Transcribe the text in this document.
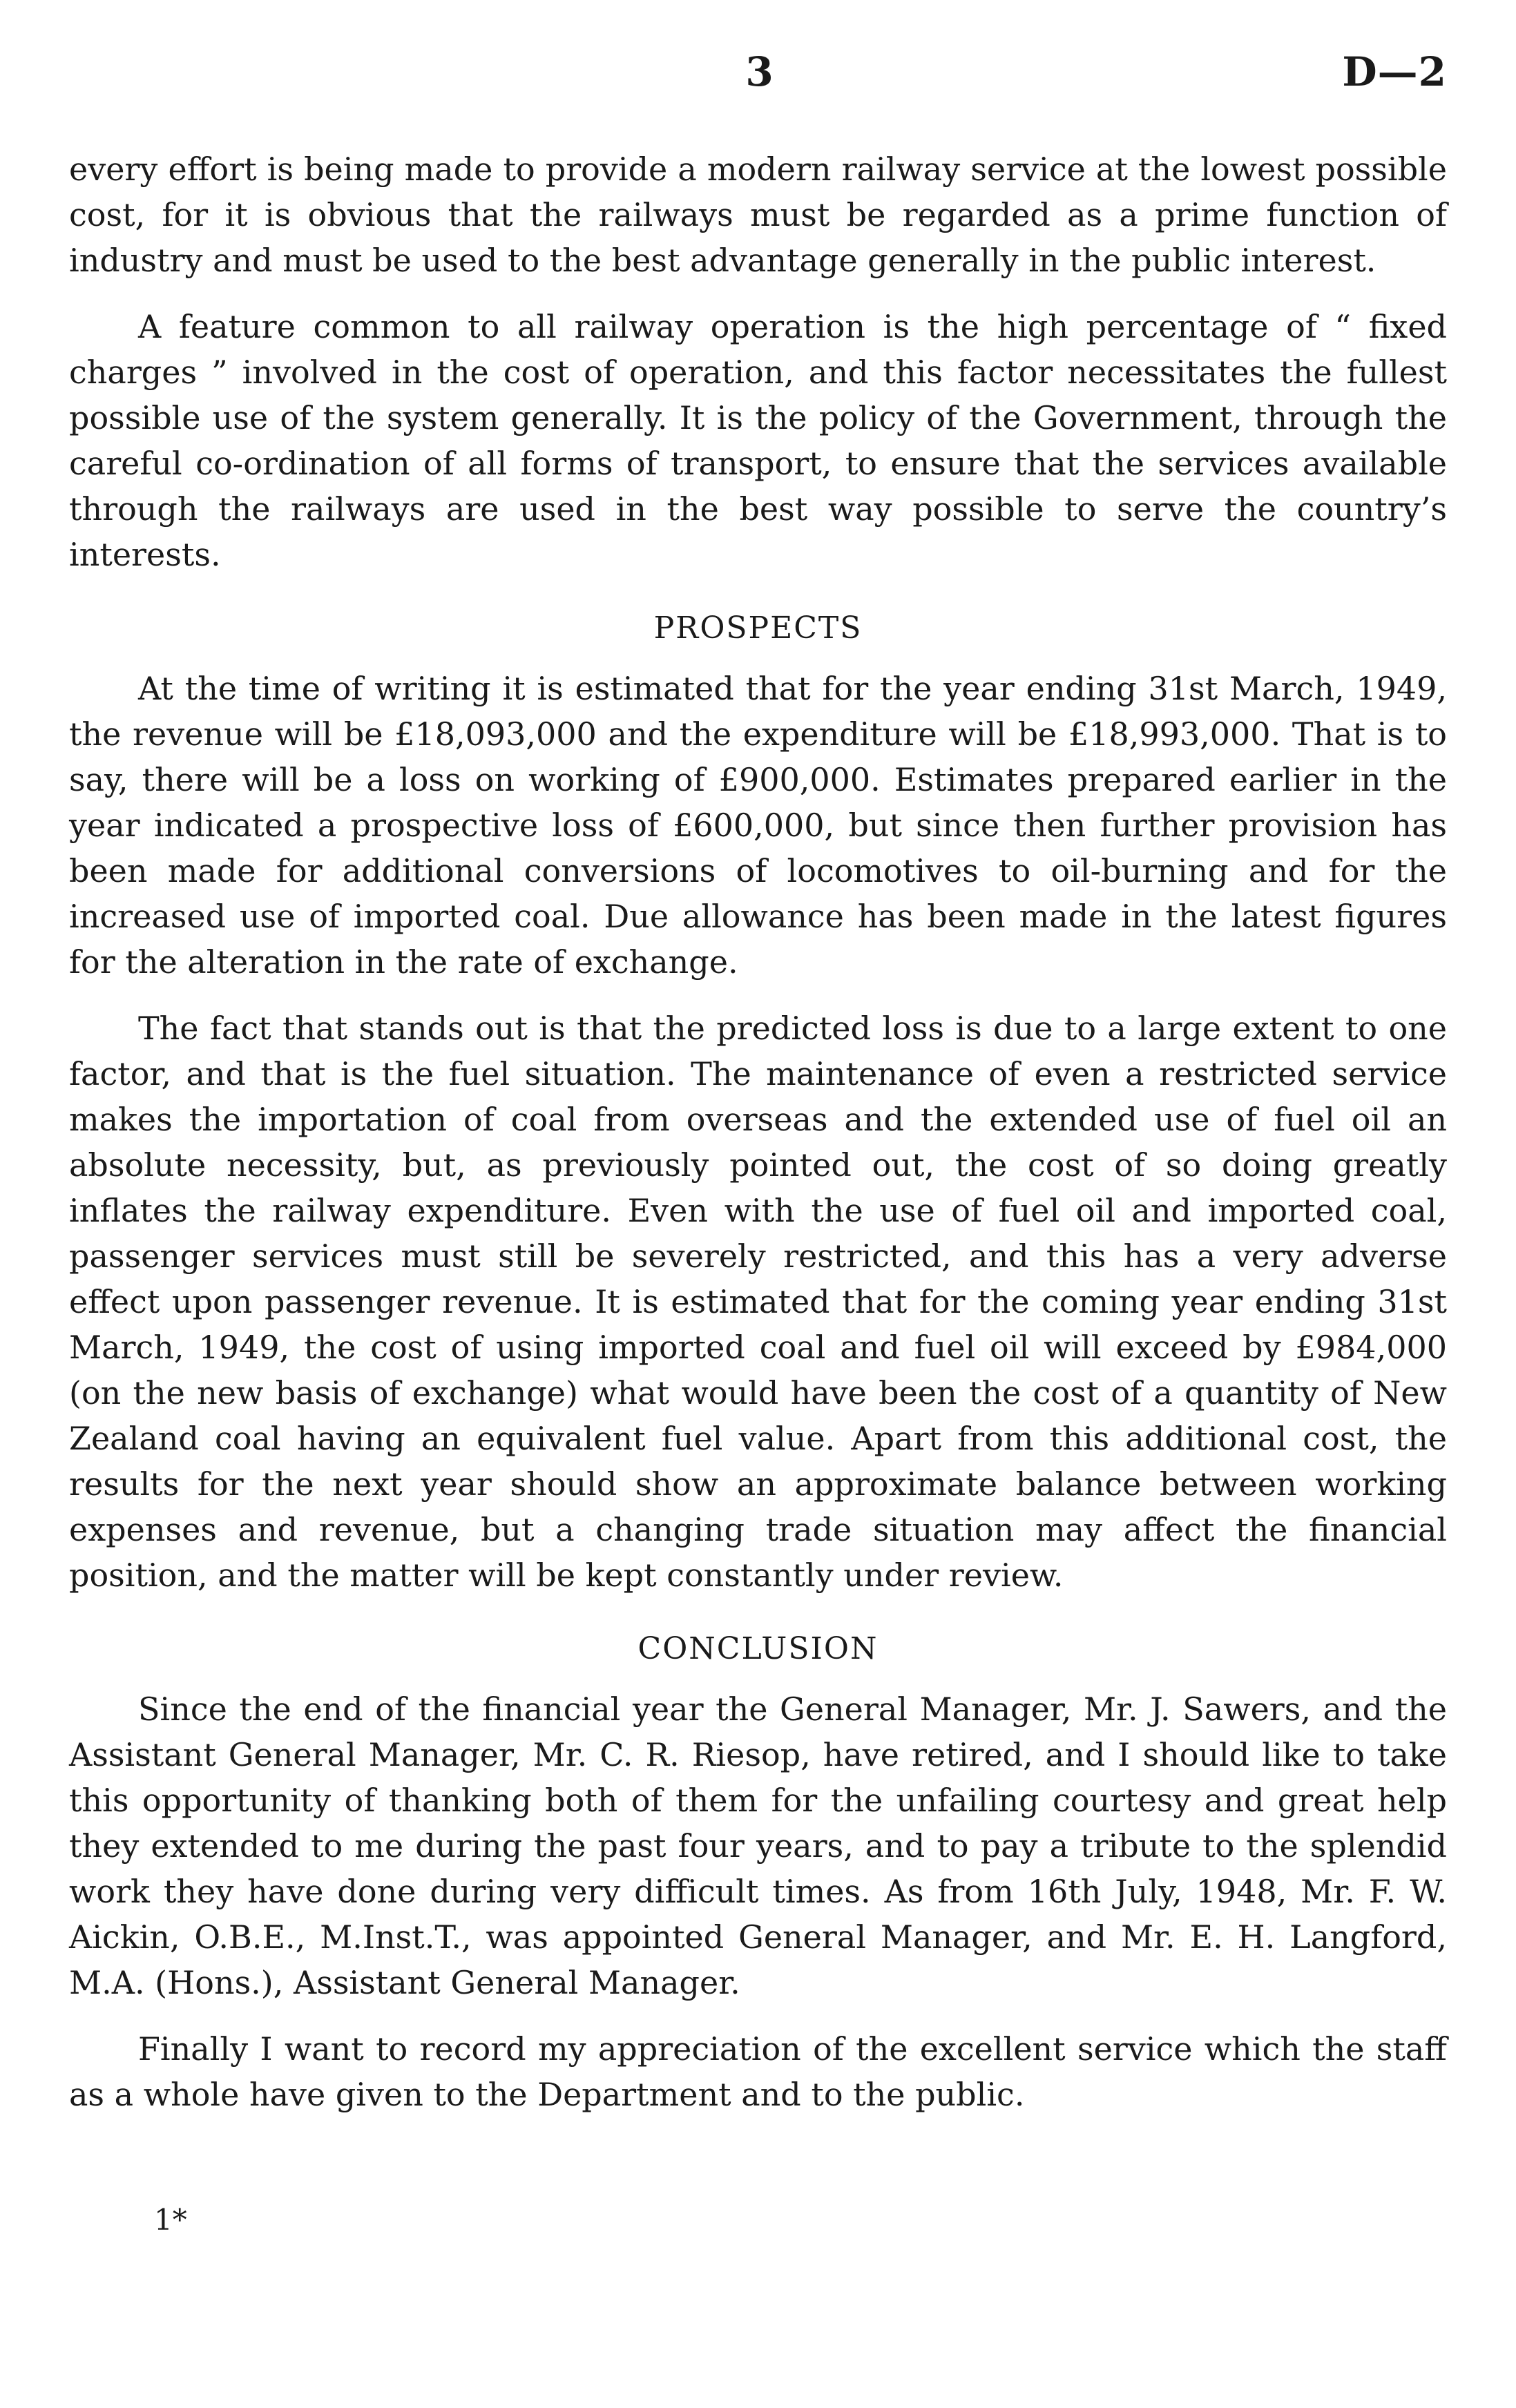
3	D—2

every effort is being made to provide a modern railway service at the lowest possible cost, for it is obvious that the railways must be regarded as a prime function of industry and must be used to the best advantage generally in the public interest.

A feature common to all railway operation is the high percentage of “ fixed charges ” involved in the cost of operation, and this factor necessitates the fullest possible use of the system generally. It is the policy of the Government, through the careful co-ordination of all forms of transport, to ensure that the services available through the railways are used in the best way possible to serve the country’s interests.

PROSPECTS

At the time of writing it is estimated that for the year ending 31st March, 1949, the revenue will be £18,093,000 and the expenditure will be £18,993,000. That is to say, there will be a loss on working of £900,000. Estimates prepared earlier in the year indicated a prospective loss of £600,000, but since then further provision has been made for additional conversions of locomotives to oil-burning and for the increased use of imported coal. Due allowance has been made in the latest figures for the alteration in the rate of exchange.

The fact that stands out is that the predicted loss is due to a large extent to one factor, and that is the fuel situation. The maintenance of even a restricted service makes the importation of coal from overseas and the extended use of fuel oil an absolute necessity, but, as previously pointed out, the cost of so doing greatly inflates the railway expenditure. Even with the use of fuel oil and imported coal, passenger services must still be severely restricted, and this has a very adverse effect upon passenger revenue. It is estimated that for the coming year ending 31st March, 1949, the cost of using imported coal and fuel oil will exceed by £984,000 (on the new basis of exchange) what would have been the cost of a quantity of New Zealand coal having an equivalent fuel value. Apart from this additional cost, the results for the next year should show an approximate balance between working expenses and revenue, but a changing trade situation may affect the financial position, and the matter will be kept constantly under review.

CONCLUSION

Since the end of the financial year the General Manager, Mr. J. Sawers, and the Assistant General Manager, Mr. C. R. Riesop, have retired, and I should like to take this opportunity of thanking both of them for the unfailing courtesy and great help they extended to me during the past four years, and to pay a tribute to the splendid work they have done during very difficult times. As from 16th July, 1948, Mr. F. W. Aickin, O.B.E., M.Inst.T., was appointed General Manager, and Mr. E. H. Langford, M.A. (Hons.), Assistant General Manager.

Finally I want to record my appreciation of the excellent service which the staff as a whole have given to the Department and to the public.

1*
